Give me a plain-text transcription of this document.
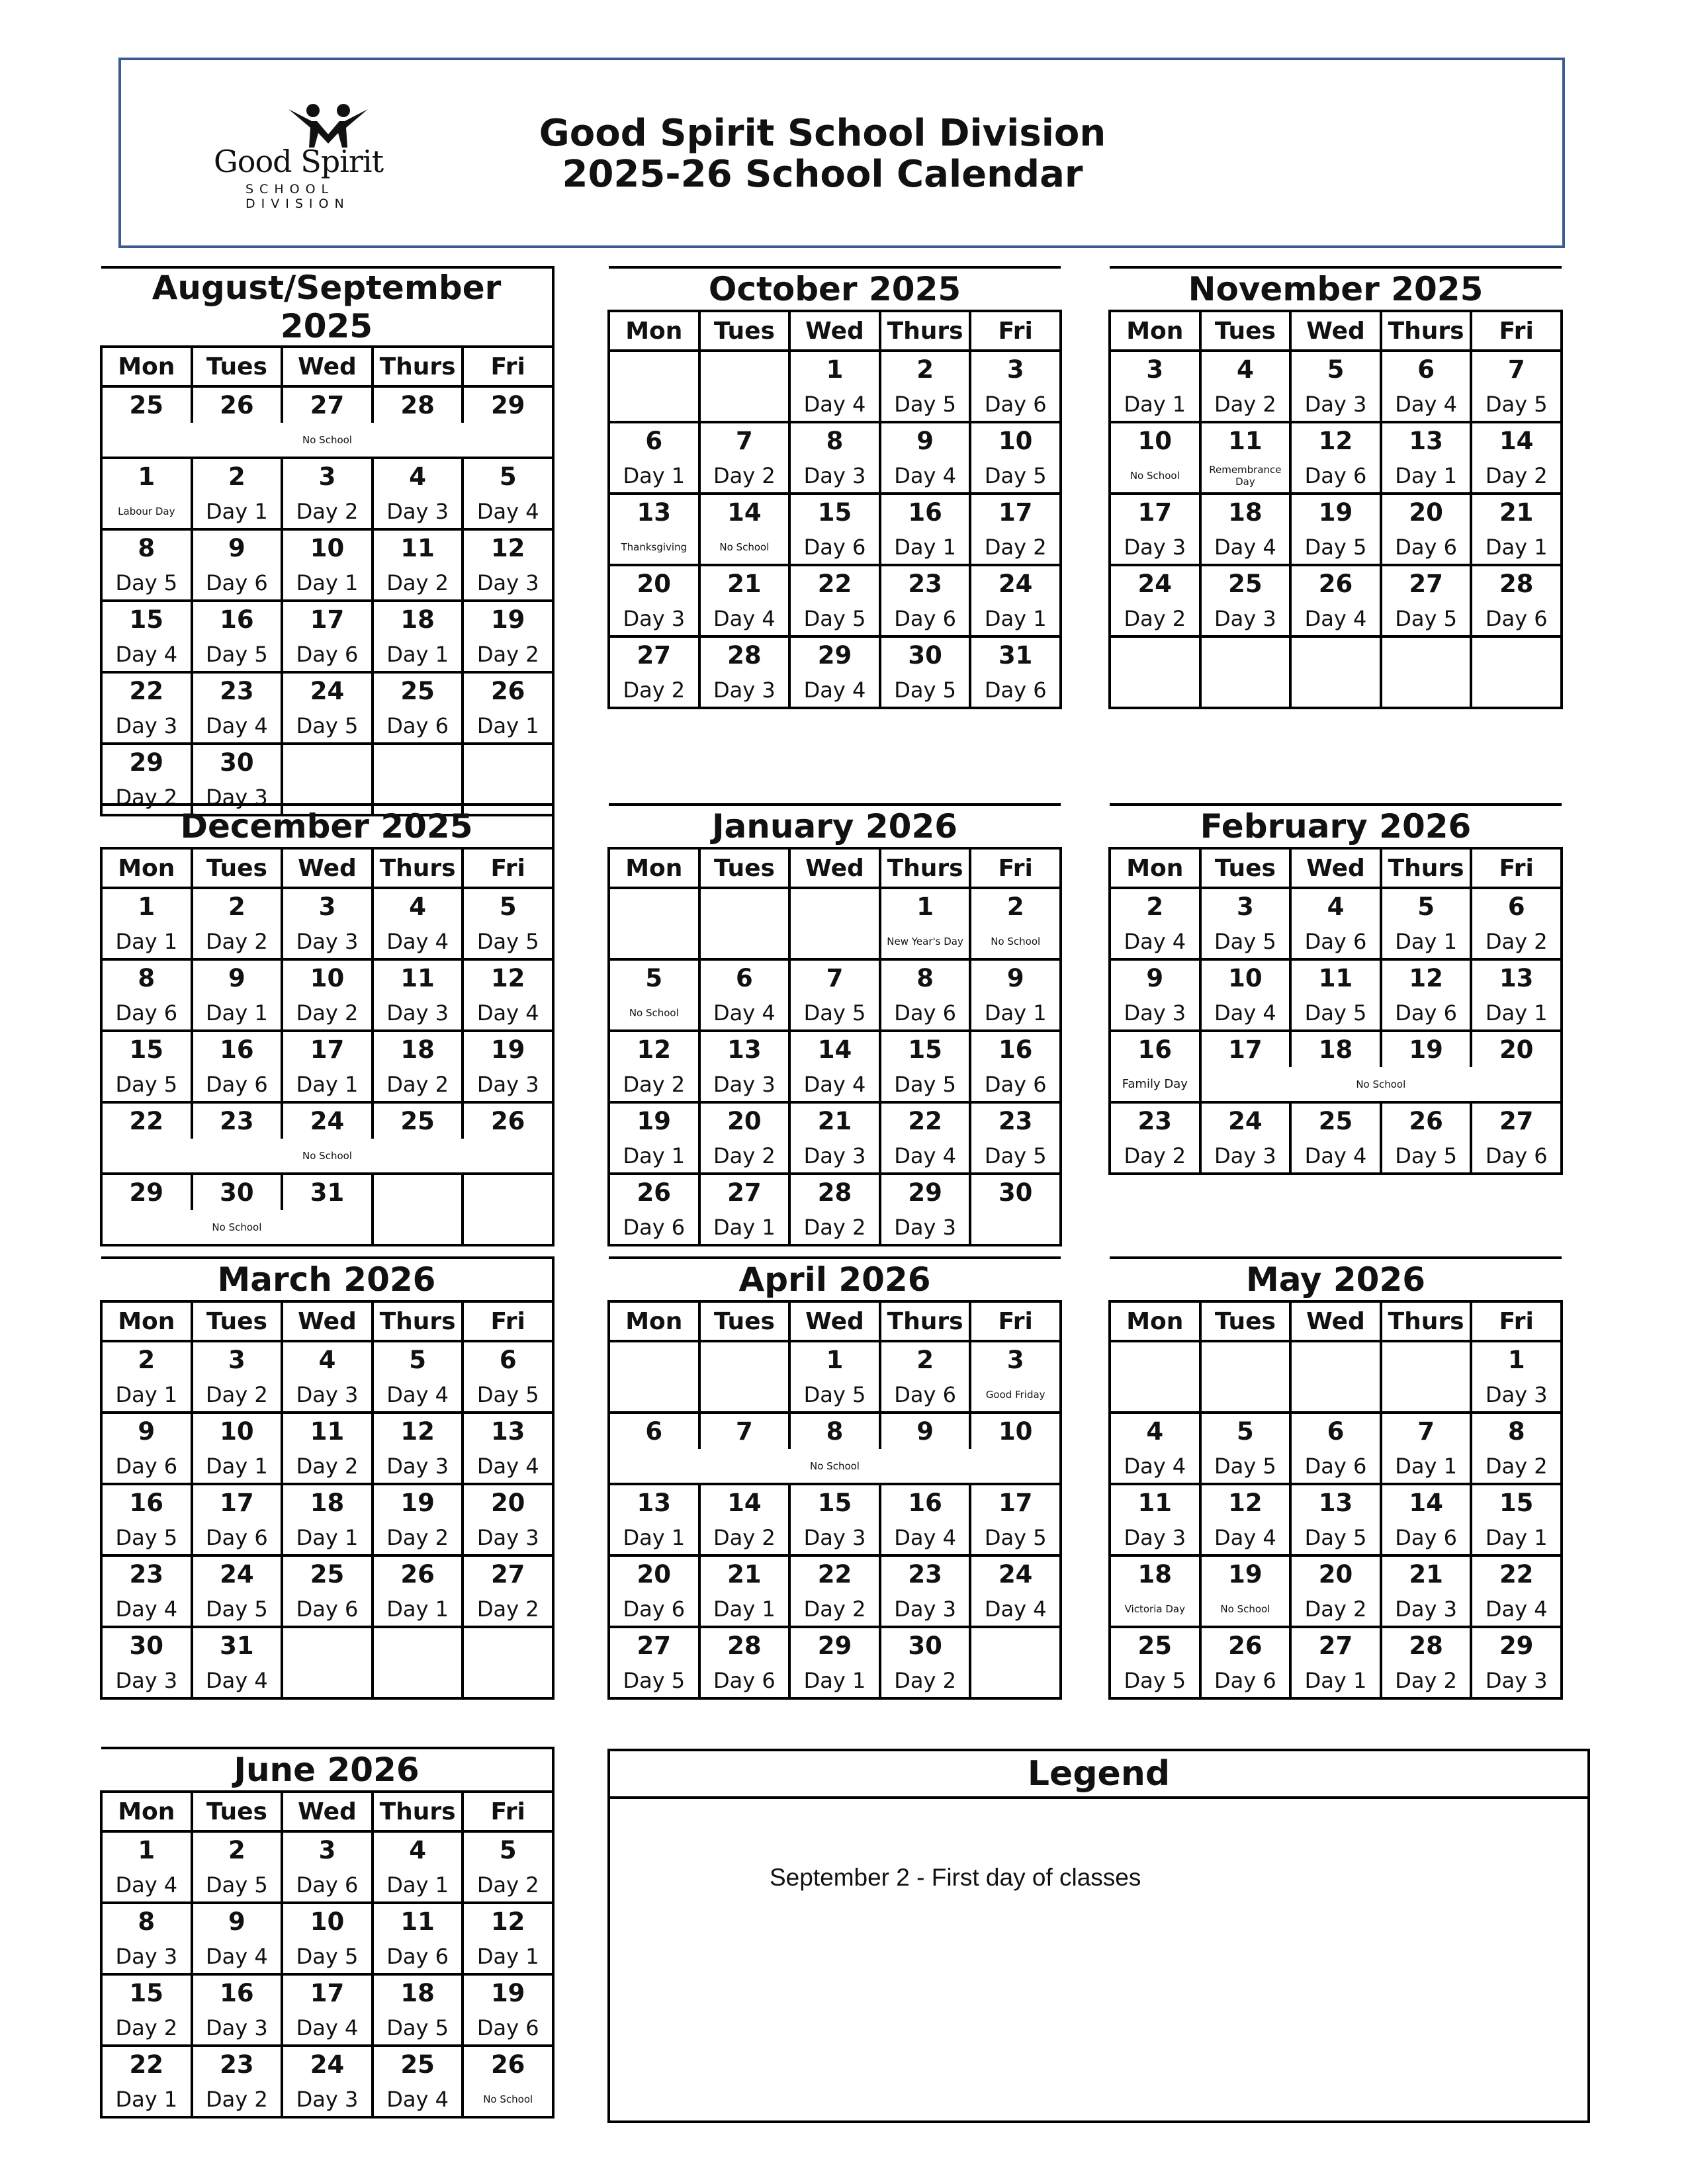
Good Spirit
SCHOOL DIVISION
Good Spirit School Division
2025-26 School Calendar
August/September 2025				
Mon	Tues	Wed	Thurs	Fri
25	26	27	28	29
No School				
1	2	3	4	5
Labour Day	Day 1	Day 2	Day 3	Day 4
8	9	10	11	12
Day 5	Day 6	Day 1	Day 2	Day 3
15	16	17	18	19
Day 4	Day 5	Day 6	Day 1	Day 2
22	23	24	25	26
Day 3	Day 4	Day 5	Day 6	Day 1
29	30			
Day 2	Day 3			
October 2025				
Mon	Tues	Wed	Thurs	Fri
		1	2	3
		Day 4	Day 5	Day 6
6	7	8	9	10
Day 1	Day 2	Day 3	Day 4	Day 5
13	14	15	16	17
Thanksgiving	No School	Day 6	Day 1	Day 2
20	21	22	23	24
Day 3	Day 4	Day 5	Day 6	Day 1
27	28	29	30	31
Day 2	Day 3	Day 4	Day 5	Day 6
November 2025				
Mon	Tues	Wed	Thurs	Fri
3	4	5	6	7
Day 1	Day 2	Day 3	Day 4	Day 5
10	11	12	13	14
No School	Remembrance Day	Day 6	Day 1	Day 2
17	18	19	20	21
Day 3	Day 4	Day 5	Day 6	Day 1
24	25	26	27	28
Day 2	Day 3	Day 4	Day 5	Day 6

December 2025				
Mon	Tues	Wed	Thurs	Fri
1	2	3	4	5
Day 1	Day 2	Day 3	Day 4	Day 5
8	9	10	11	12
Day 6	Day 1	Day 2	Day 3	Day 4
15	16	17	18	19
Day 5	Day 6	Day 1	Day 2	Day 3
22	23	24	25	26
No School				
29	30	31		
No School				
January 2026				
Mon	Tues	Wed	Thurs	Fri
			1	2
			New Year's Day	No School
5	6	7	8	9
No School	Day 4	Day 5	Day 6	Day 1
12	13	14	15	16
Day 2	Day 3	Day 4	Day 5	Day 6
19	20	21	22	23
Day 1	Day 2	Day 3	Day 4	Day 5
26	27	28	29	30
Day 6	Day 1	Day 2	Day 3	
February 2026				
Mon	Tues	Wed	Thurs	Fri
2	3	4	5	6
Day 4	Day 5	Day 6	Day 1	Day 2
9	10	11	12	13
Day 3	Day 4	Day 5	Day 6	Day 1
16	17	18	19	20
Family Day	No School			
23	24	25	26	27
Day 2	Day 3	Day 4	Day 5	Day 6
March 2026				
Mon	Tues	Wed	Thurs	Fri
2	3	4	5	6
Day 1	Day 2	Day 3	Day 4	Day 5
9	10	11	12	13
Day 6	Day 1	Day 2	Day 3	Day 4
16	17	18	19	20
Day 5	Day 6	Day 1	Day 2	Day 3
23	24	25	26	27
Day 4	Day 5	Day 6	Day 1	Day 2
30	31			
Day 3	Day 4			
April 2026				
Mon	Tues	Wed	Thurs	Fri
		1	2	3
		Day 5	Day 6	Good Friday
6	7	8	9	10
No School				
13	14	15	16	17
Day 1	Day 2	Day 3	Day 4	Day 5
20	21	22	23	24
Day 6	Day 1	Day 2	Day 3	Day 4
27	28	29	30	
Day 5	Day 6	Day 1	Day 2	
May 2026				
Mon	Tues	Wed	Thurs	Fri
				1
				Day 3
4	5	6	7	8
Day 4	Day 5	Day 6	Day 1	Day 2
11	12	13	14	15
Day 3	Day 4	Day 5	Day 6	Day 1
18	19	20	21	22
Victoria Day	No School	Day 2	Day 3	Day 4
25	26	27	28	29
Day 5	Day 6	Day 1	Day 2	Day 3
June 2026				
Mon	Tues	Wed	Thurs	Fri
1	2	3	4	5
Day 4	Day 5	Day 6	Day 1	Day 2
8	9	10	11	12
Day 3	Day 4	Day 5	Day 6	Day 1
15	16	17	18	19
Day 2	Day 3	Day 4	Day 5	Day 6
22	23	24	25	26
Day 1	Day 2	Day 3	Day 4	No School
Legend
September 2 - First day of classes
